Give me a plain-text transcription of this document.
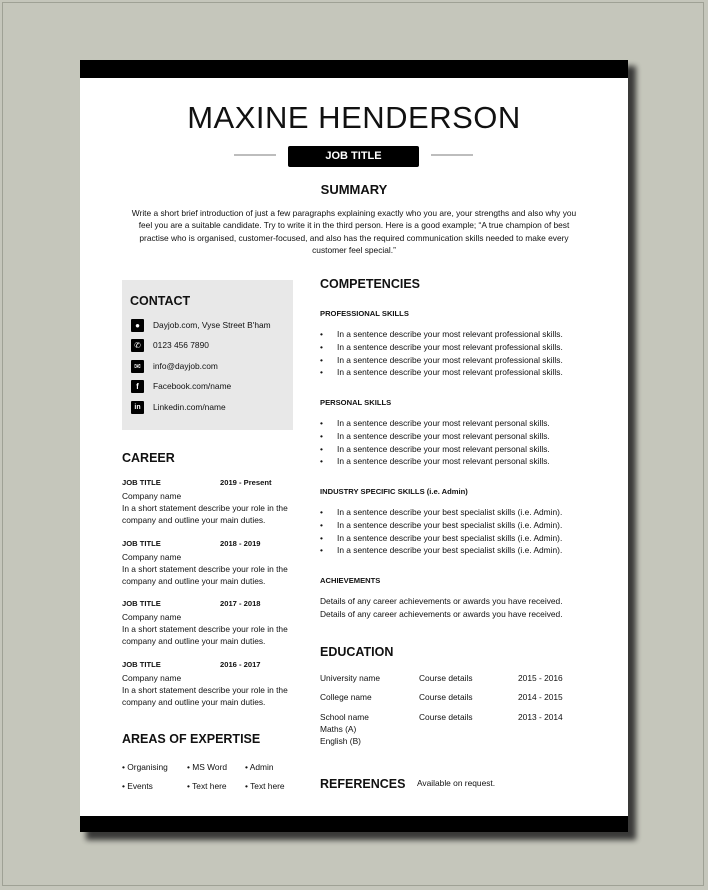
MAXINE HENDERSON
JOB TITLE
SUMMARY
Write a short brief introduction of just a few paragraphs explaining exactly who you are, your strengths and also why you
feel you are a suitable candidate. Try to write it in the third person. Here is a good example; “A true champion of best
practise who is organised, customer-focused, and also has the required communication skills needed to make every
customer feel special.”
CONTACT
●	Dayjob.com, Vyse Street B'ham
✆	0123 456 7890
✉	info@dayjob.com
f	Facebook.com/name
in	Linkedin.com/name
CAREER
JOB TITLE	2019 - Present
Company name
In a short statement describe your role in the
company and outline your main duties.
JOB TITLE	2018 - 2019
Company name
In a short statement describe your role in the
company and outline your main duties.
JOB TITLE	2017 - 2018
Company name
In a short statement describe your role in the
company and outline your main duties.
JOB TITLE	2016 - 2017
Company name
In a short statement describe your role in the
company and outline your main duties.
AREAS OF EXPERTISE
• Organising • MS Word • Admin
• Events	• Text here • Text here
COMPETENCIES
PROFESSIONAL SKILLS
• In a sentence describe your most relevant professional skills.
• In a sentence describe your most relevant professional skills.
• In a sentence describe your most relevant professional skills.
• In a sentence describe your most relevant professional skills.
PERSONAL SKILLS
• In a sentence describe your most relevant personal skills.
• In a sentence describe your most relevant personal skills.
• In a sentence describe your most relevant personal skills.
• In a sentence describe your most relevant personal skills.
INDUSTRY SPECIFIC SKILLS (i.e. Admin)
• In a sentence describe your best specialist skills (i.e. Admin).
• In a sentence describe your best specialist skills (i.e. Admin).
• In a sentence describe your best specialist skills (i.e. Admin).
• In a sentence describe your best specialist skills (i.e. Admin).
ACHIEVEMENTS
Details of any career achievements or awards you have received.
Details of any career achievements or awards you have received.
EDUCATION
University name	Course details	2015 - 2016
College name	Course details	2014 - 2015
School name	Course details	2013 - 2014
Maths (A)
English (B)
REFERENCES Available on request.
